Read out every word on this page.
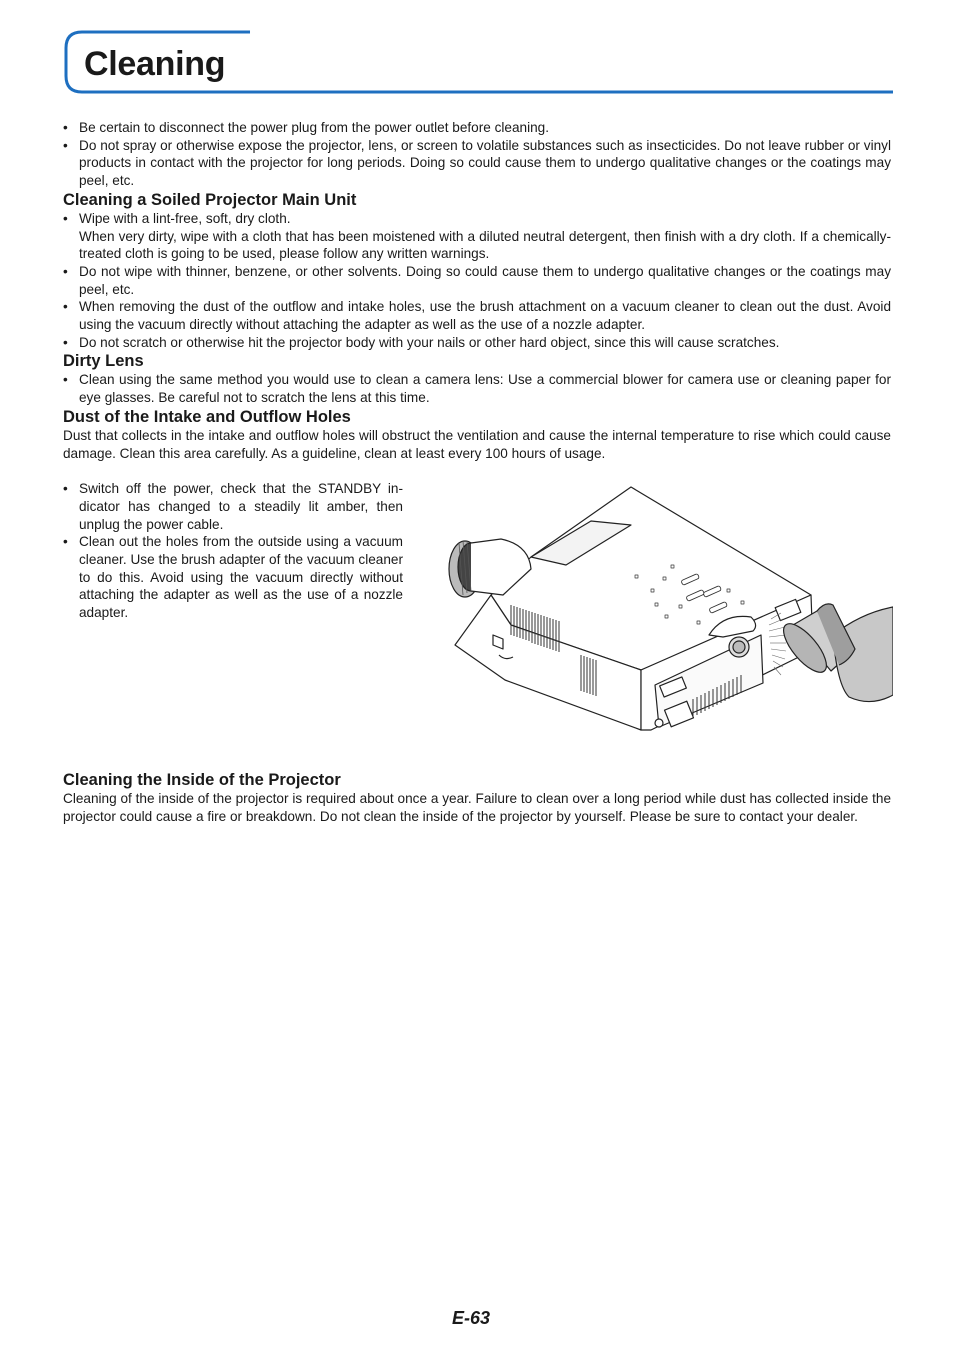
Cleaning
• Be certain to disconnect the power plug from the power outlet before cleaning.
• Do not spray or otherwise expose the projector, lens, or screen to volatile substances such as insecticides. Do not leave rubber or vinyl products in contact with the projector for long periods. Doing so could cause them to undergo qualitative changes or the coatings may peel, etc.
Cleaning a Soiled Projector Main Unit
• Wipe with a lint-free, soft, dry cloth.
When very dirty, wipe with a cloth that has been moistened with a diluted neutral detergent, then finish with a dry cloth. If a chemically-treated cloth is going to be used, please follow any written warnings.
• Do not wipe with thinner, benzene, or other solvents. Doing so could cause them to undergo qualitative changes or the coatings may peel, etc.
• When removing the dust of the outflow and intake holes, use the brush attachment on a vacuum cleaner to clean out the dust. Avoid using the vacuum directly without attaching the adapter as well as the use of a nozzle adapter.
• Do not scratch or otherwise hit the projector body with your nails or other hard object, since this will cause scratches.
Dirty Lens
• Clean using the same method you would use to clean a camera lens: Use a commercial blower for camera use or cleaning paper for eye glasses. Be careful not to scratch the lens at this time.
Dust of the Intake and Outflow Holes

Dust that collects in the intake and outflow holes will obstruct the ventilation and cause the internal temperature to rise which could cause damage. Clean this area carefully. As a guideline, clean at least every 100 hours of usage.

• Switch off the power, check that the STANDBY in-dicator has changed to a steadily lit amber, then unplug the power cable.
• Clean out the holes from the outside using a vacuum cleaner. Use the brush adapter of the vacuum cleaner to do this. Avoid using the vacuum directly without attaching the adapter as well as the use of a nozzle adapter.
Cleaning the Inside of the Projector

Cleaning of the inside of the projector is required about once a year. Failure to clean over a long period while dust has collected inside the projector could cause a fire or breakdown. Do not clean the inside of the projector by yourself. Please be sure to contact your dealer.

E-63
